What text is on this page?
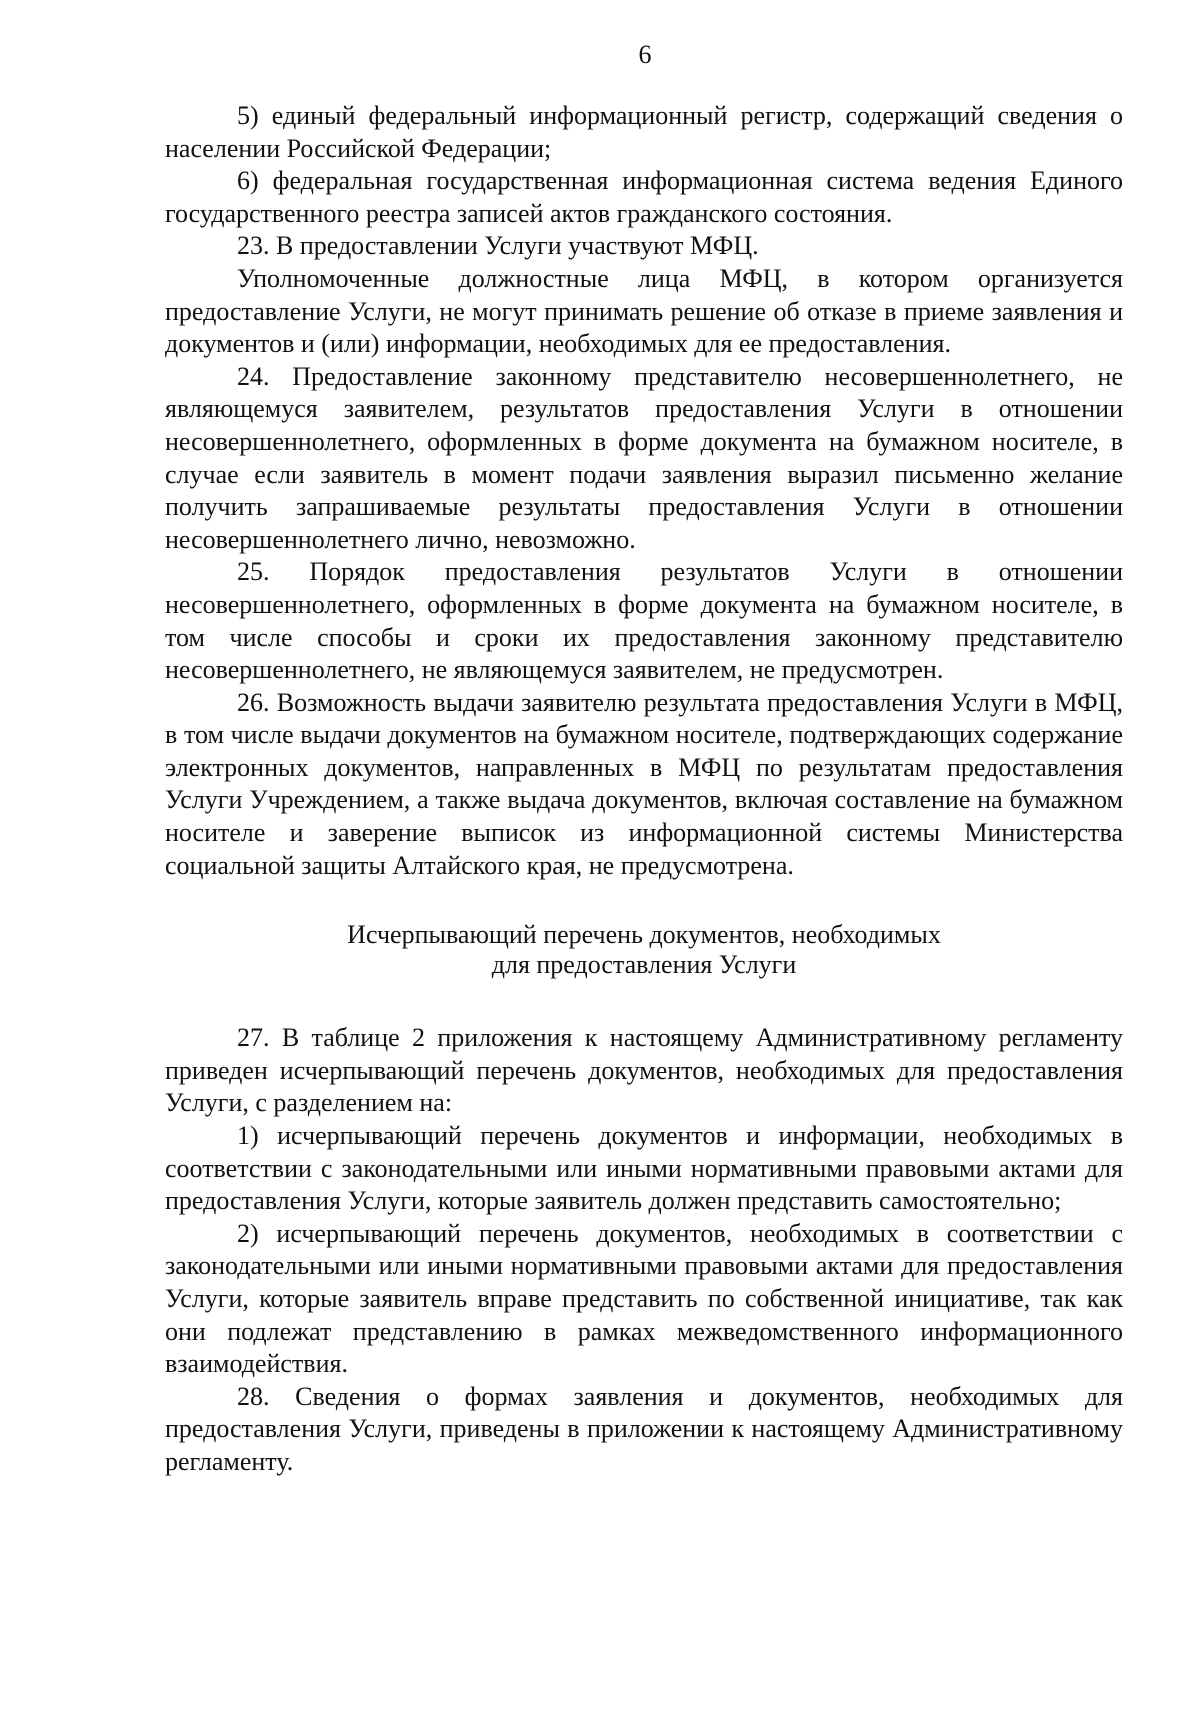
6

5) единый федеральный информационный регистр, содержащий сведения о населении Российской Федерации;

6) федеральная государственная информационная система ведения Единого государственного реестра записей актов гражданского состояния.

23. В предоставлении Услуги участвуют МФЦ.

Уполномоченные должностные лица МФЦ, в котором организуется предоставление Услуги, не могут принимать решение об отказе в приеме заявления и документов и (или) информации, необходимых для ее предоставления.

24. Предоставление законному представителю несовершеннолетнего, не являющемуся заявителем, результатов предоставления Услуги в отношении несовершеннолетнего, оформленных в форме документа на бумажном носителе, в случае если заявитель в момент подачи заявления выразил письменно желание получить запрашиваемые результаты предоставления Услуги в отношении несовершеннолетнего лично, невозможно.

25. Порядок предоставления результатов Услуги в отношении несовершеннолетнего, оформленных в форме документа на бумажном носителе, в том числе способы и сроки их предоставления законному представителю несовершеннолетнего, не являющемуся заявителем, не предусмотрен.

26. Возможность выдачи заявителю результата предоставления Услуги в МФЦ, в том числе выдачи документов на бумажном носителе, подтверждающих содержание электронных документов, направленных в МФЦ по результатам предоставления Услуги Учреждением, а также выдача документов, включая составление на бумажном носителе и заверение выписок из информационной системы Министерства социальной защиты Алтайского края, не предусмотрена.

Исчерпывающий перечень документов, необходимых
для предоставления Услуги

27. В таблице 2 приложения к настоящему Административному регламенту приведен исчерпывающий перечень документов, необходимых для предоставления Услуги, с разделением на:

1) исчерпывающий перечень документов и информации, необходимых в соответствии с законодательными или иными нормативными правовыми актами для предоставления Услуги, которые заявитель должен представить самостоятельно;

2) исчерпывающий перечень документов, необходимых в соответствии с законодательными или иными нормативными правовыми актами для предоставления Услуги, которые заявитель вправе представить по собственной инициативе, так как они подлежат представлению в рамках межведомственного информационного взаимодействия.

28. Сведения о формах заявления и документов, необходимых для предоставления Услуги, приведены в приложении к настоящему Административному регламенту.
